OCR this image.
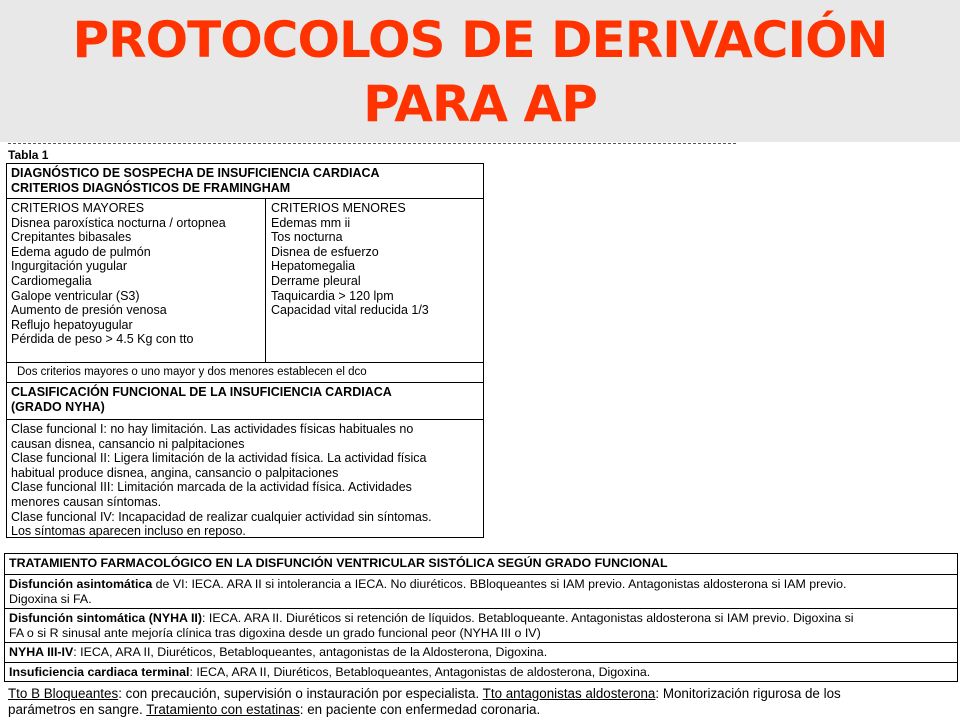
PROTOCOLOS DE DERIVACIÓN
PARA AP
Tabla 1
DIAGNÓSTICO DE SOSPECHA DE INSUFICIENCIA CARDIACA
CRITERIOS DIAGNÓSTICOS DE FRAMINGHAM
CRITERIOS MAYORES
Disnea paroxística nocturna / ortopnea
Crepitantes bibasales
Edema agudo de pulmón
Ingurgitación yugular
Cardiomegalia
Galope ventricular (S3)
Aumento de presión venosa
Reflujo hepatoyugular
Pérdida de peso > 4.5 Kg con tto
CRITERIOS MENORES
Edemas mm ii
Tos nocturna
Disnea de esfuerzo
Hepatomegalia
Derrame pleural
Taquicardia > 120 lpm
Capacidad vital reducida 1/3
Dos criterios mayores o uno mayor y dos menores establecen el dco
CLASIFICACIÓN FUNCIONAL DE LA INSUFICIENCIA CARDIACA
(GRADO NYHA)
Clase funcional I: no hay limitación. Las actividades físicas habituales no
causan disnea, cansancio ni palpitaciones
Clase funcional II: Ligera limitación de la actividad física. La actividad física
habitual produce disnea, angina, cansancio o palpitaciones
Clase funcional III: Limitación marcada de la actividad física. Actividades
menores causan síntomas.
Clase funcional IV: Incapacidad de realizar cualquier actividad sin síntomas.
Los síntomas aparecen incluso en reposo.
TRATAMIENTO FARMACOLÓGICO EN LA DISFUNCIÓN VENTRICULAR SISTÓLICA SEGÚN GRADO FUNCIONAL
Disfunción asintomática de VI: IECA. ARA II si intolerancia a IECA. No diuréticos. BBloqueantes si IAM previo. Antagonistas aldosterona si IAM previo.
Digoxina si FA.
Disfunción sintomática (NYHA II): IECA. ARA II. Diuréticos si retención de líquidos. Betabloqueante. Antagonistas aldosterona si IAM previo. Digoxina si
FA o si R sinusal ante mejoría clínica tras digoxina desde un grado funcional peor (NYHA III o IV)
NYHA III-IV: IECA, ARA II, Diuréticos, Betabloqueantes, antagonistas de la Aldosterona, Digoxina.
Insuficiencia cardiaca terminal: IECA, ARA II, Diuréticos, Betabloqueantes, Antagonistas de aldosterona, Digoxina.
Tto B Bloqueantes: con precaución, supervisión o instauración por especialista. Tto antagonistas aldosterona: Monitorización rigurosa de los
parámetros en sangre. Tratamiento con estatinas: en paciente con enfermedad coronaria.
